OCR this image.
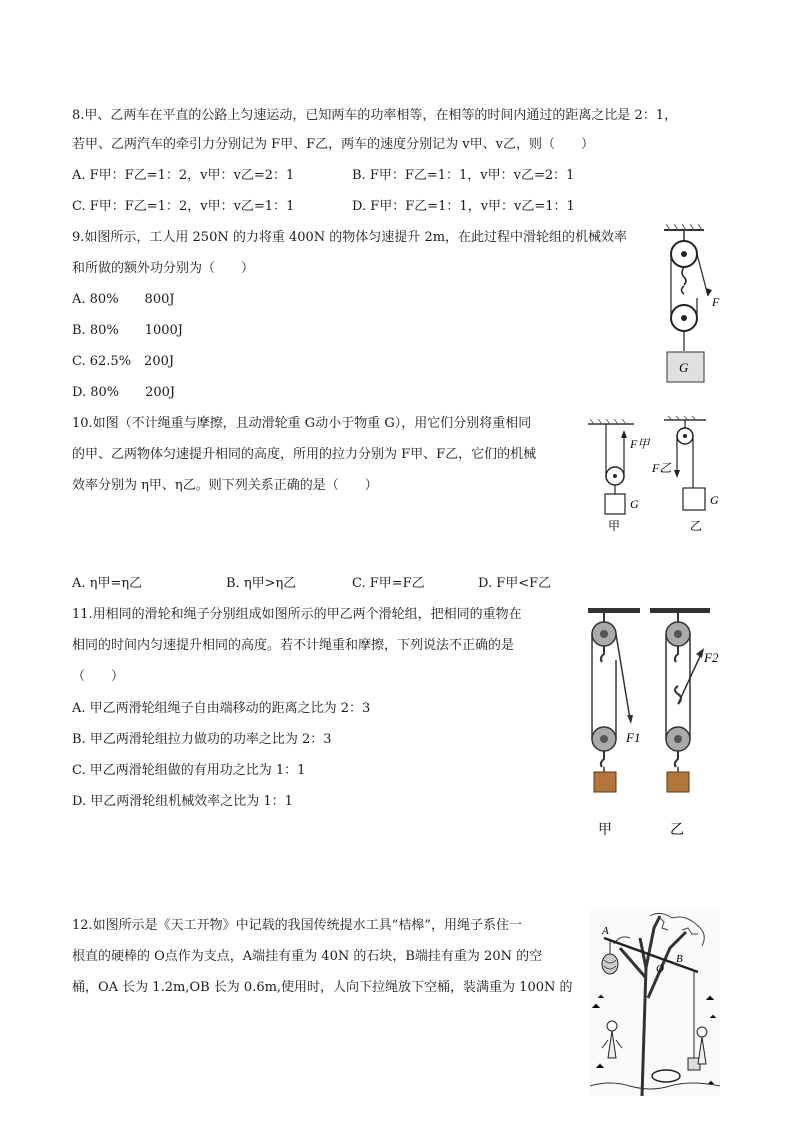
8.甲、乙两车在平直的公路上匀速运动，已知两车的功率相等，在相等的时间内通过的距离之比是 2：1，
若甲、乙两汽车的牵引力分别记为 F甲、F乙，两车的速度分别记为 v甲、v乙，则（　　）
A. F甲：F乙=1：2，v甲：v乙=2：1	B. F甲：F乙=1：1，v甲：v乙=2：1
C. F甲：F乙=1：2，v甲：v乙=1：1	D. F甲：F乙=1：1，v甲：v乙=1：1
9.如图所示，工人用 250N 的力将重 400N 的物体匀速提升 2m，在此过程中滑轮组的机械效率
和所做的额外功分别为（　　）
A. 80%　　800J
B. 80%　　1000J
C. 62.5%　200J
D. 80%　　200J
F
G
10.如图（不计绳重与摩擦，且动滑轮重 G动小于物重 G），用它们分别将重相同
的甲、乙两物体匀速提升相同的高度，所用的拉力分别为 F甲、F乙，它们的机械
效率分别为 η甲、η乙。则下列关系正确的是（　　）
A. η甲=η乙	B. η甲>η乙	C. F甲=F乙	D. F甲<F乙
F甲
G
甲
F乙
G
乙
11.用相同的滑轮和绳子分别组成如图所示的甲乙两个滑轮组，把相同的重物在
相同的时间内匀速提升相同的高度。若不计绳重和摩擦，下列说法不正确的是
（　　）
A. 甲乙两滑轮组绳子自由端移动的距离之比为 2：3
B. 甲乙两滑轮组拉力做功的功率之比为 2：3
C. 甲乙两滑轮组做的有用功之比为 1：1
D. 甲乙两滑轮组机械效率之比为 1：1
F1
甲
F2
乙
12.如图所示是《天工开物》中记载的我国传统提水工具“桔槔”，用绳子系住一
根直的硬棒的 O点作为支点，A端挂有重为 40N 的石块，B端挂有重为 20N 的空
桶，OA 长为 1.2m,OB 长为 0.6m,使用时，人向下拉绳放下空桶，装满重为 100N 的
A
O
B
